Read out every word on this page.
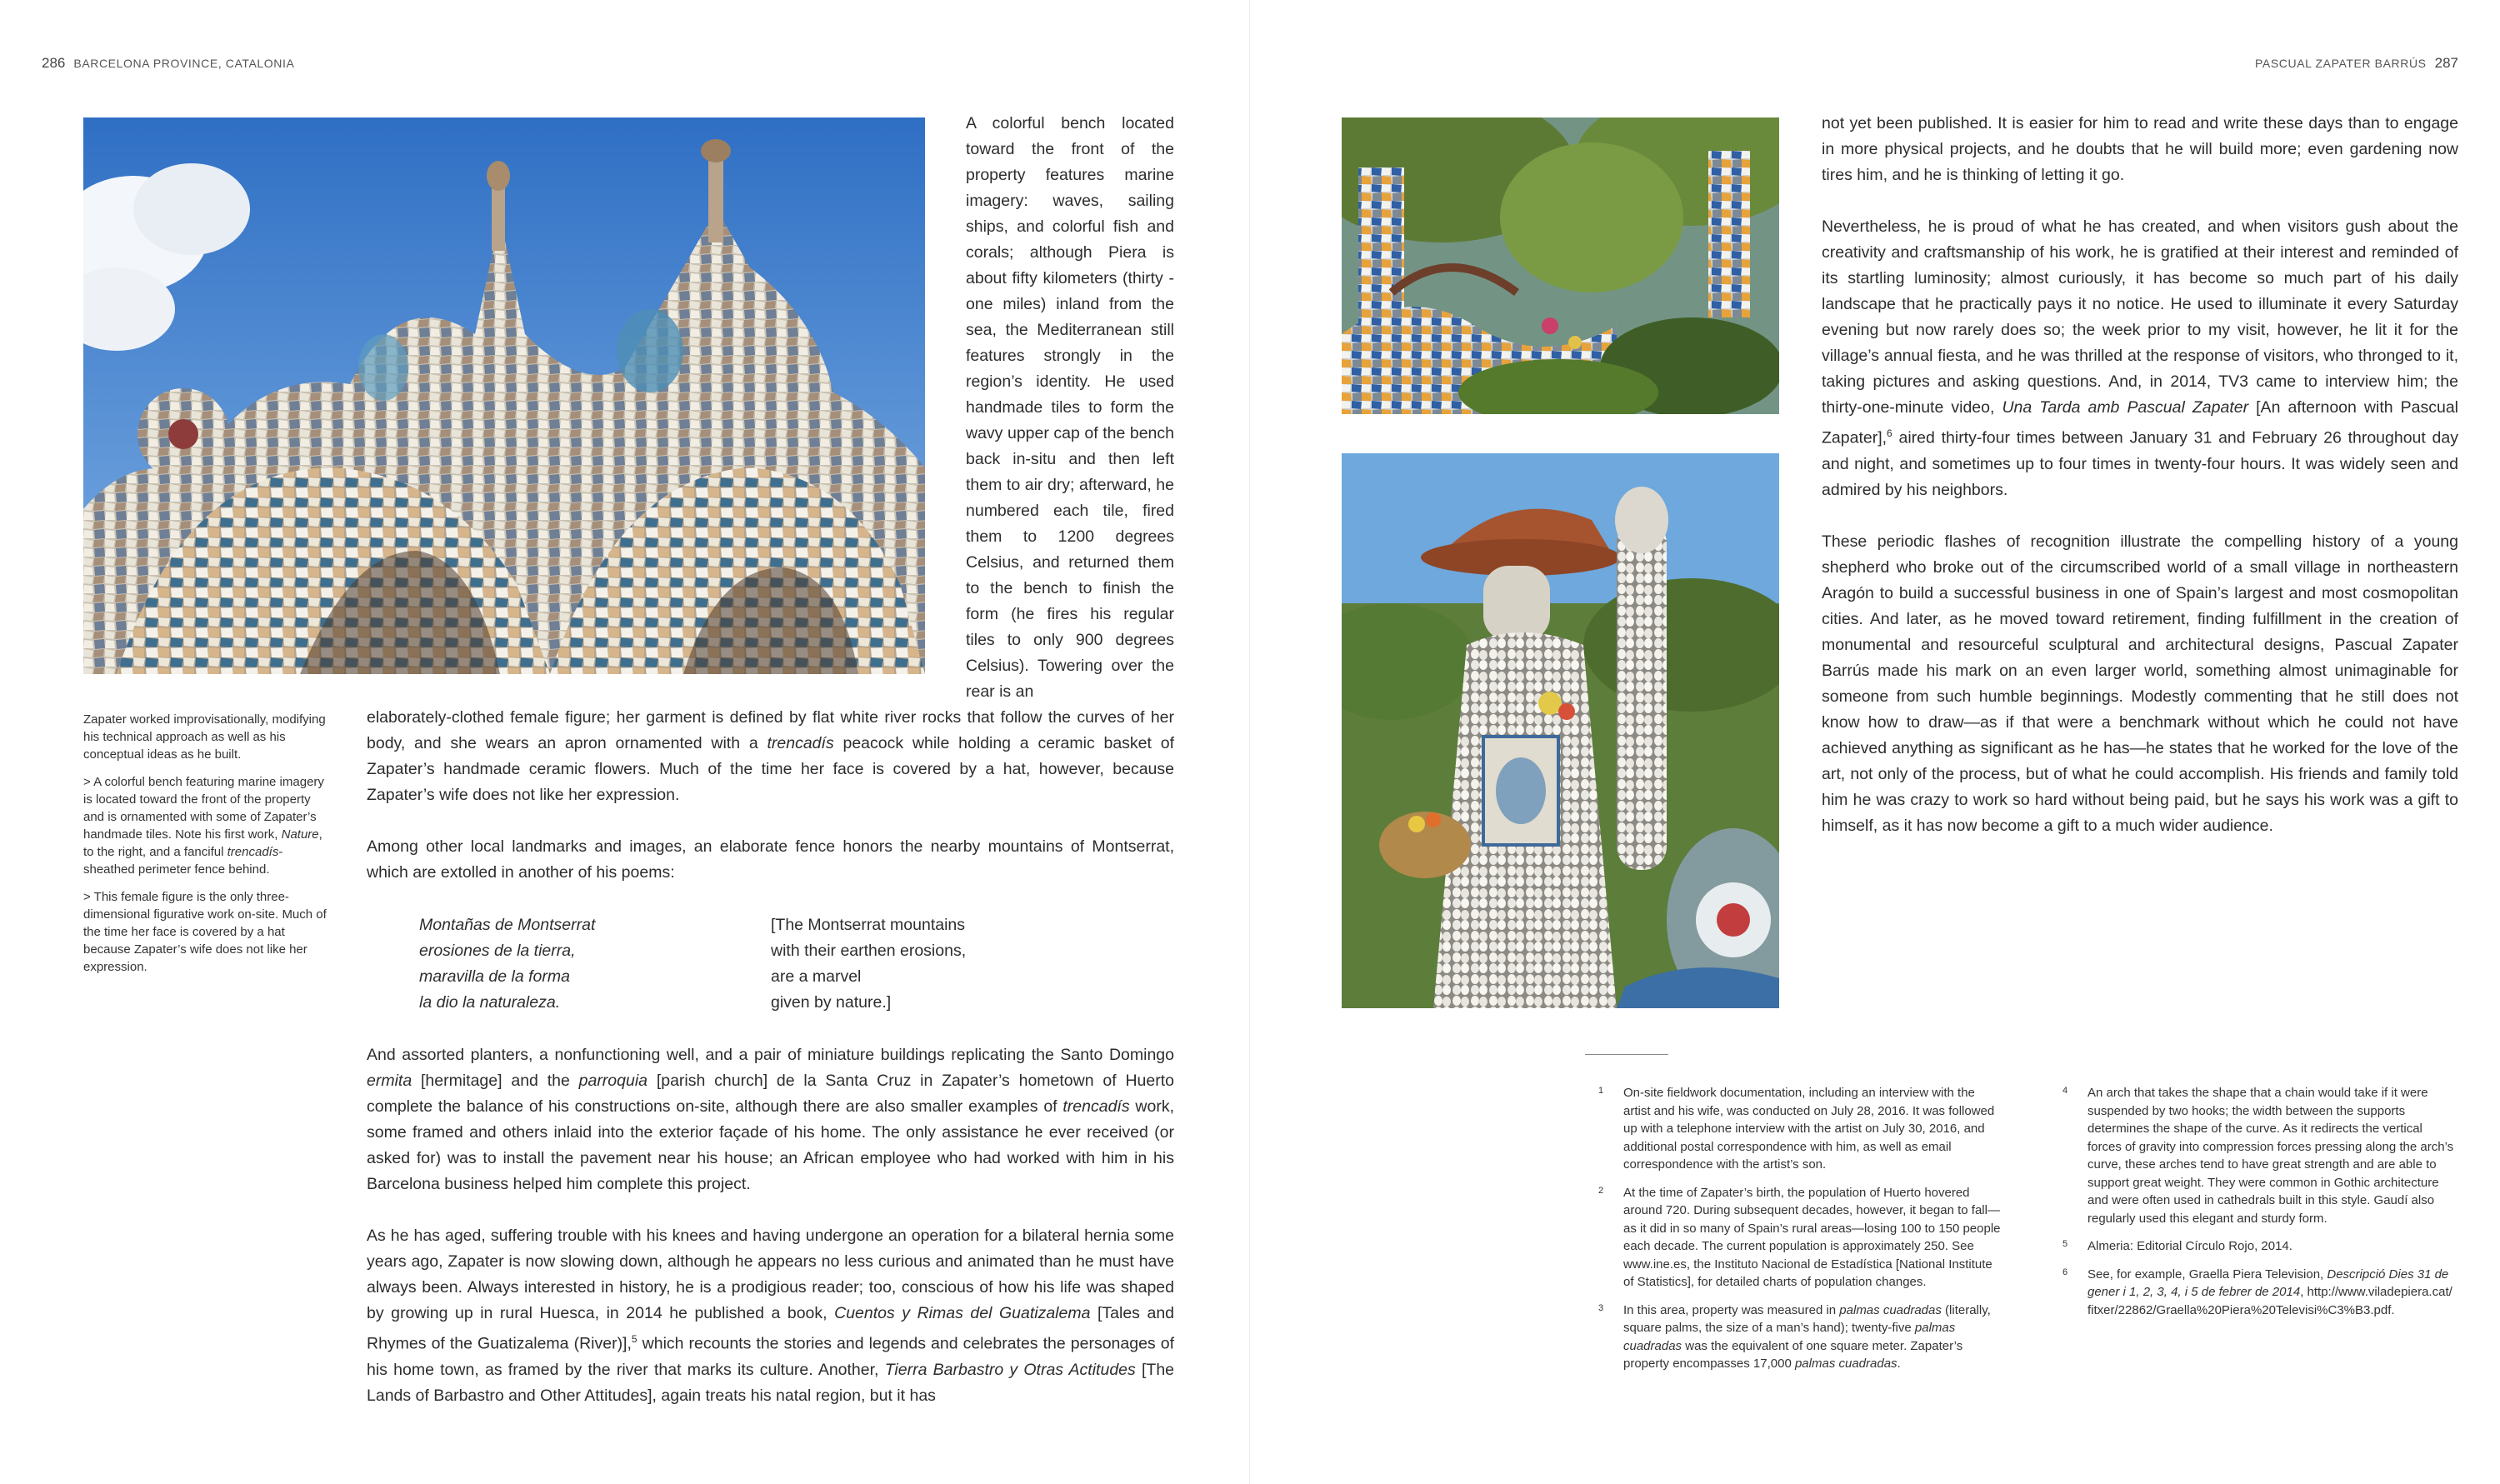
286 BARCELONA PROVINCE, CATALONIA
A colorful bench located toward the front of the property features marine imagery: waves, sailing ships, and colorful fish and corals; although Piera is about fifty kilometers (thirty -one miles) inland from the sea, the Mediterranean still features strongly in the region’s identity. He used handmade tiles to form the wavy upper cap of the bench back in-situ and then left them to air dry; afterward, he numbered each tile, fired them to 1200 degrees Celsius, and returned them to the bench to finish the form (he fires his regular tiles to only 900 degrees Celsius). Towering over the rear is an

elaborately-clothed female figure; her garment is defined by flat white river rocks that follow the curves of her body, and she wears an apron ornamented with a trencadís peacock while holding a ceramic basket of Zapater’s handmade ceramic flowers. Much of the time her face is covered by a hat, however, because Zapater’s wife does not like her expression.

Among other local landmarks and images, an elaborate fence honors the nearby mountains of Montserrat, which are extolled in another of his poems:

Montañas de Montserrat
erosiones de la tierra,
maravilla de la forma
la dio la naturaleza.
[The Montserrat mountains
with their earthen erosions,
are a marvel
given by nature.]

And assorted planters, a nonfunctioning well, and a pair of miniature buildings replicating the Santo Domingo ermita [hermitage] and the parroquia [parish church] de la Santa Cruz in Zapater’s hometown of Huerto complete the balance of his constructions on-site, although there are also smaller examples of trencadís work, some framed and others inlaid into the exterior façade of his home. The only assistance he ever received (or asked for) was to install the pavement near his house; an African employee who had worked with him in his Barcelona business helped him complete this project.

As he has aged, suffering trouble with his knees and having undergone an operation for a bilateral hernia some years ago, Zapater is now slowing down, although he appears no less curious and animated than he must have always been. Always interested in history, he is a prodigious reader; too, conscious of how his life was shaped by growing up in rural Huesca, in 2014 he published a book, Cuentos y Rimas del Guatizalema [Tales and Rhymes of the Guatizalema (River)],$^5$ which recounts the stories and legends and celebrates the personages of his home town, as framed by the river that marks its culture. Another, Tierra Barbastro y Otras Actitudes [The Lands of Barbastro and Other Attitudes], again treats his natal region, but it has

Zapater worked improvisationally, modifying his technical approach as well as his conceptual ideas as he built.

> A colorful bench featuring marine imagery is located toward the front of the property and is ornamented with some of Zapater’s handmade tiles. Note his first work, Nature, to the right, and a fanciful trencadís-sheathed perimeter fence behind.

> This female figure is the only three-dimensional figurative work on-site. Much of the time her face is covered by a hat because Zapater’s wife does not like her expression.

PASCUAL ZAPATER BARRÚS 287

not yet been published. It is easier for him to read and write these days than to engage in more physical projects, and he doubts that he will build more; even gardening now tires him, and he is thinking of letting it go.

Nevertheless, he is proud of what he has created, and when visitors gush about the creativity and craftsmanship of his work, he is gratified at their interest and reminded of its startling luminosity; almost curiously, it has become so much part of his daily landscape that he practically pays it no notice. He used to illuminate it every Saturday evening but now rarely does so; the week prior to my visit, however, he lit it for the village’s annual fiesta, and he was thrilled at the response of visitors, who thronged to it, taking pictures and asking questions. And, in 2014, TV3 came to interview him; the thirty-one-minute video, Una Tarda amb Pascual Zapater [An afternoon with Pascual Zapater],$^6$ aired thirty-four times between January 31 and February 26 throughout day and night, and sometimes up to four times in twenty-four hours. It was widely seen and admired by his neighbors.

These periodic flashes of recognition illustrate the compelling history of a young shepherd who broke out of the circumscribed world of a small village in northeastern Aragón to build a successful business in one of Spain’s largest and most cosmopolitan cities. And later, as he moved toward retirement, finding fulfillment in the creation of monumental and resourceful sculptural and architectural designs, Pascual Zapater Barrús made his mark on an even larger world, something almost unimaginable for someone from such humble beginnings. Modestly commenting that he still does not know how to draw—as if that were a benchmark without which he could not have achieved anything as significant as he has—he states that he worked for the love of the art, not only of the process, but of what he could accomplish. His friends and family told him he was crazy to work so hard without being paid, but he says his work was a gift to himself, as it has now become a gift to a much wider audience.

1 On-site fieldwork documentation, including an interview with the artist and his wife, was conducted on July 28, 2016. It was followed up with a telephone interview with the artist on July 30, 2016, and additional postal correspondence with him, as well as email correspondence with the artist’s son.
2 At the time of Zapater’s birth, the population of Huerto hovered around 720. During subsequent decades, however, it began to fall—as it did in so many of Spain’s rural areas—losing 100 to 150 people each decade. The current population is approximately 250. See www.ine.es, the Instituto Nacional de Estadística [National Institute of Statistics], for detailed charts of population changes.
3 In this area, property was measured in palmas cuadradas (literally, square palms, the size of a man’s hand); twenty-five palmas cuadradas was the equivalent of one square meter. Zapater’s property encompasses 17,000 palmas cuadradas.
4 An arch that takes the shape that a chain would take if it were suspended by two hooks; the width between the supports determines the shape of the curve. As it redirects the vertical forces of gravity into compression forces pressing along the arch’s curve, these arches tend to have great strength and are able to support great weight. They were common in Gothic architecture and were often used in cathedrals built in this style. Gaudí also regularly used this elegant and sturdy form.
5 Almeria: Editorial Círculo Rojo, 2014.
6 See, for example, Graella Piera Television, Descripció Dies 31 de gener i 1, 2, 3, 4, i 5 de febrer de 2014, http://www.viladepiera.cat/fitxer/22862/Graella%20Piera%20Televisi%C3%B3.pdf.
